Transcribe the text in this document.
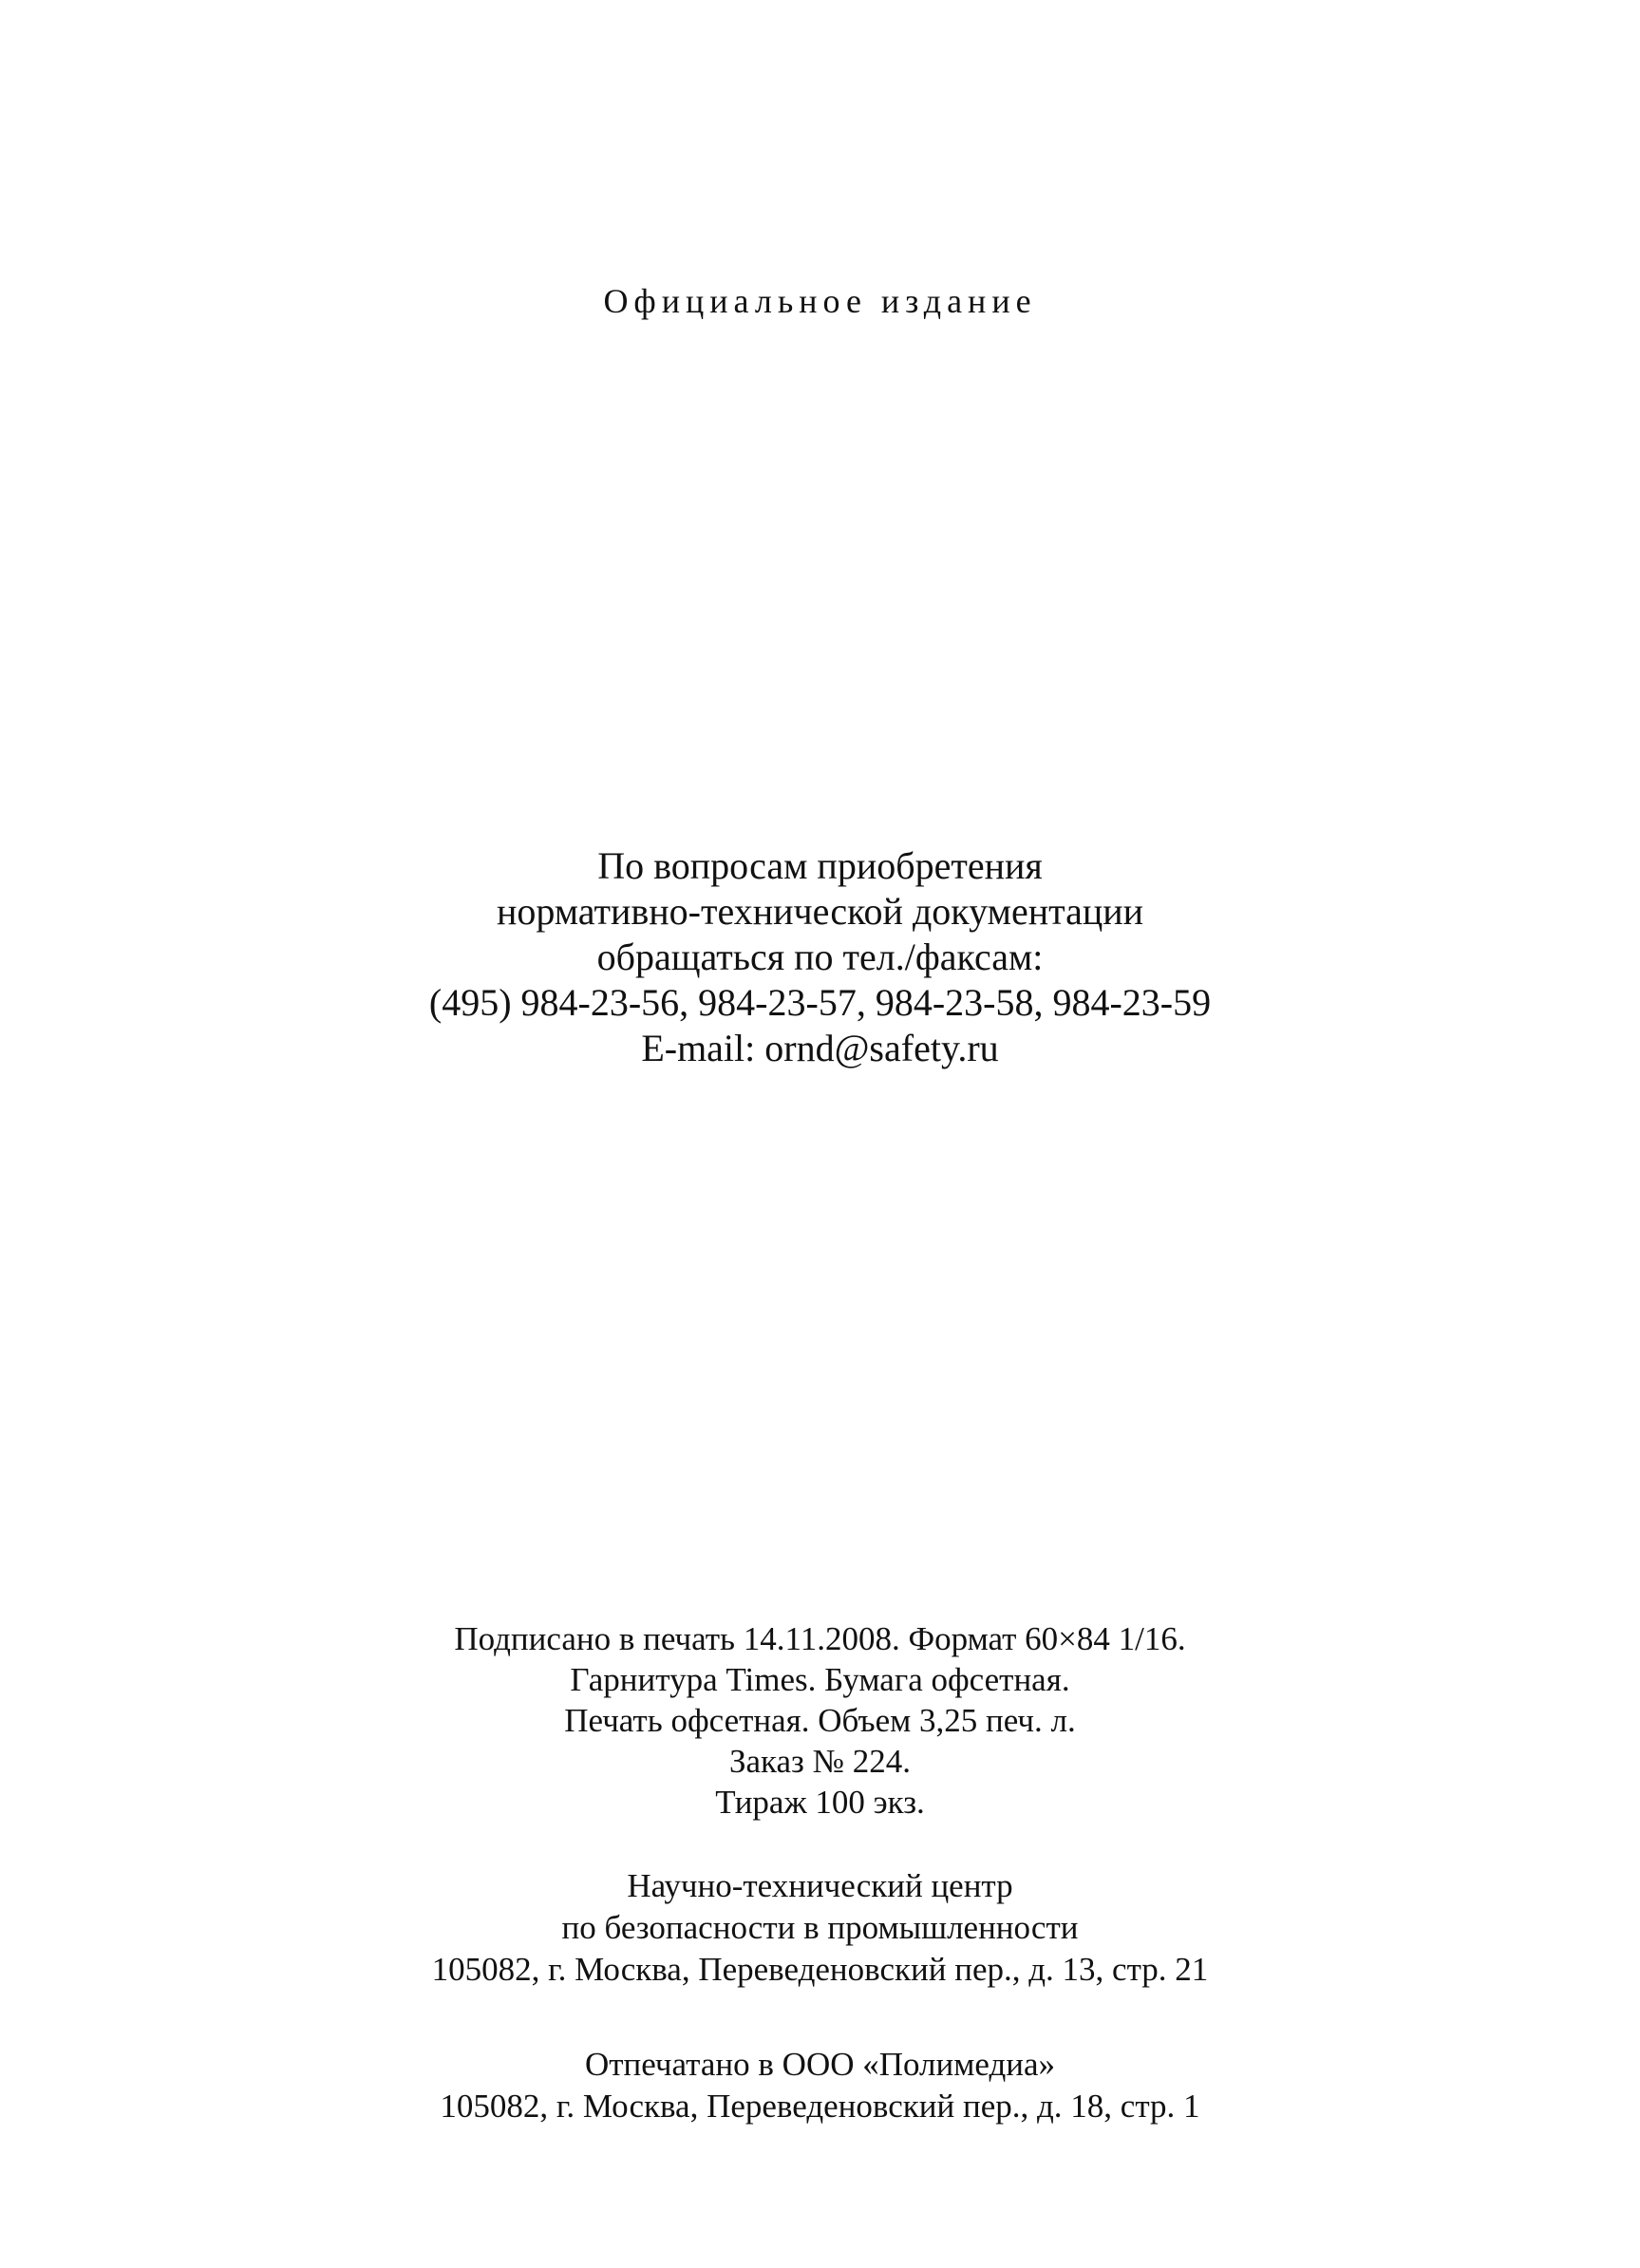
Официальное издание
По вопросам приобретения
нормативно-технической документации
обращаться по тел./факсам:
(495) 984-23-56, 984-23-57, 984-23-58, 984-23-59
E-mail: ornd@safety.ru
Подписано в печать 14.11.2008. Формат 60×84 1/16.
Гарнитура Times. Бумага офсетная.
Печать офсетная. Объем 3,25 печ. л.
Заказ № 224.
Тираж 100 экз.
Научно-технический центр
по безопасности в промышленности
105082, г. Москва, Переведеновский пер., д. 13, стр. 21
Отпечатано в ООО «Полимедиа»
105082, г. Москва, Переведеновский пер., д. 18, стр. 1
